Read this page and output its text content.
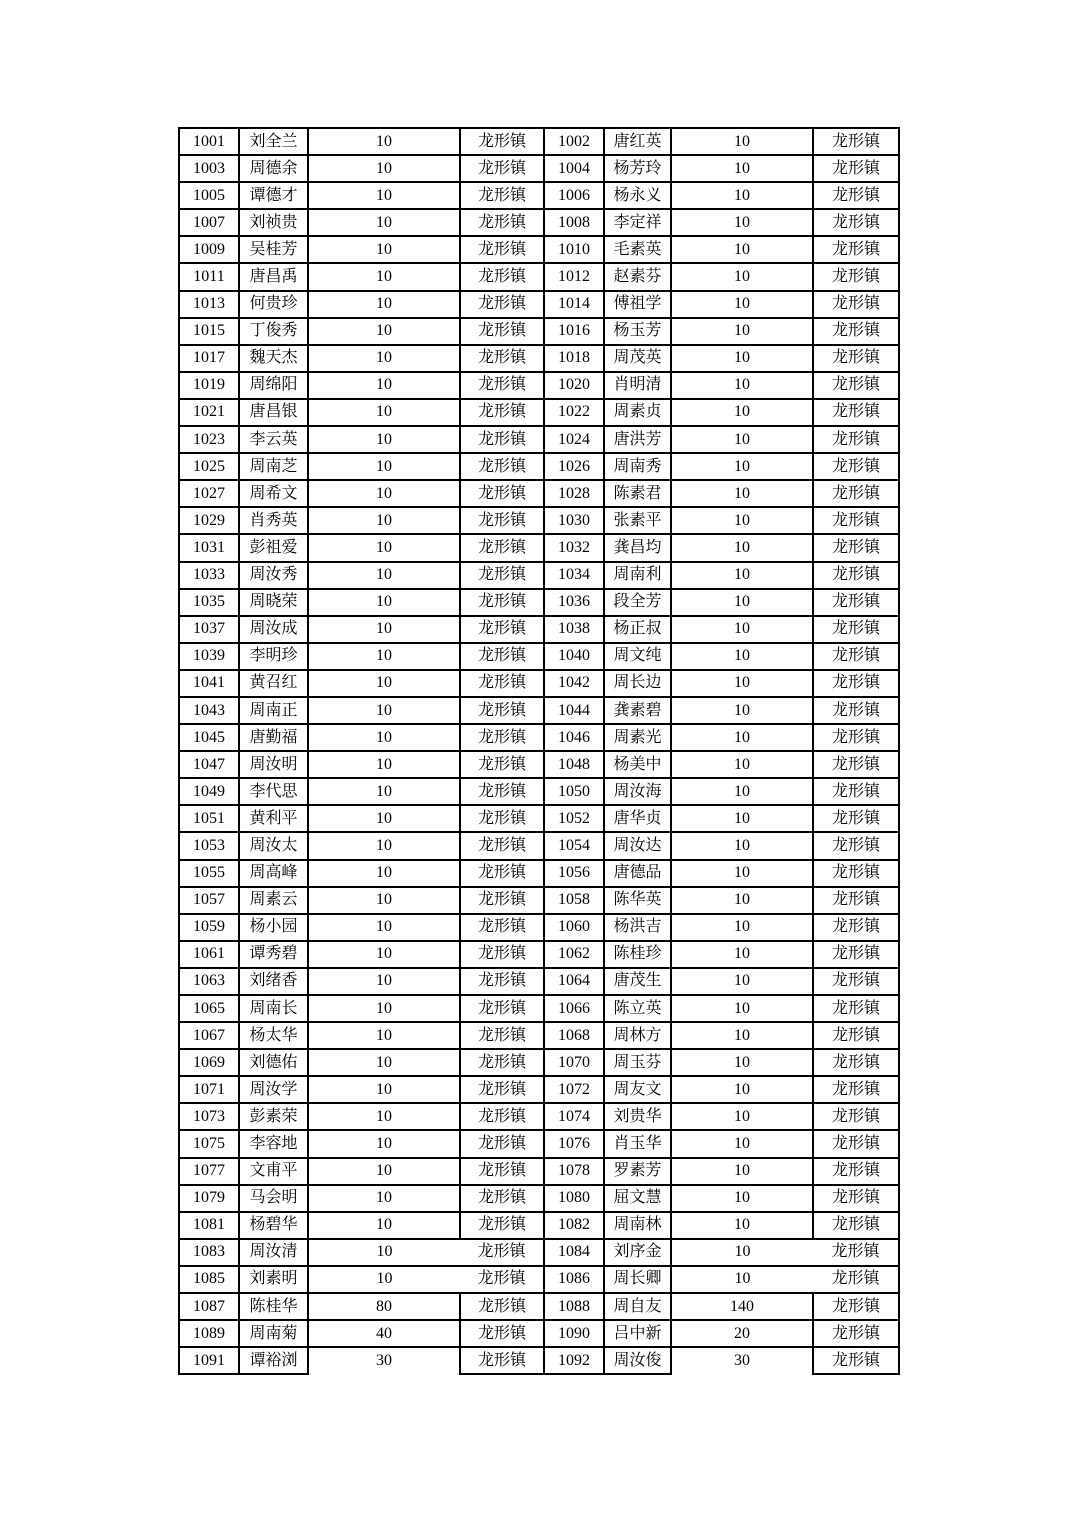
1001	刘全兰	10	龙形镇	1002	唐红英	10	龙形镇
1003	周德余	10	龙形镇	1004	杨芳玲	10	龙形镇
1005	谭德才	10	龙形镇	1006	杨永义	10	龙形镇
1007	刘祯贵	10	龙形镇	1008	李定祥	10	龙形镇
1009	吴桂芳	10	龙形镇	1010	毛素英	10	龙形镇
1011	唐昌禹	10	龙形镇	1012	赵素芬	10	龙形镇
1013	何贵珍	10	龙形镇	1014	傅祖学	10	龙形镇
1015	丁俊秀	10	龙形镇	1016	杨玉芳	10	龙形镇
1017	魏天杰	10	龙形镇	1018	周茂英	10	龙形镇
1019	周绵阳	10	龙形镇	1020	肖明清	10	龙形镇
1021	唐昌银	10	龙形镇	1022	周素贞	10	龙形镇
1023	李云英	10	龙形镇	1024	唐洪芳	10	龙形镇
1025	周南芝	10	龙形镇	1026	周南秀	10	龙形镇
1027	周希文	10	龙形镇	1028	陈素君	10	龙形镇
1029	肖秀英	10	龙形镇	1030	张素平	10	龙形镇
1031	彭祖爱	10	龙形镇	1032	龚昌均	10	龙形镇
1033	周汝秀	10	龙形镇	1034	周南利	10	龙形镇
1035	周晓荣	10	龙形镇	1036	段全芳	10	龙形镇
1037	周汝成	10	龙形镇	1038	杨正叔	10	龙形镇
1039	李明珍	10	龙形镇	1040	周文纯	10	龙形镇
1041	黄召红	10	龙形镇	1042	周长边	10	龙形镇
1043	周南正	10	龙形镇	1044	龚素碧	10	龙形镇
1045	唐勤福	10	龙形镇	1046	周素光	10	龙形镇
1047	周汝明	10	龙形镇	1048	杨美中	10	龙形镇
1049	李代思	10	龙形镇	1050	周汝海	10	龙形镇
1051	黄利平	10	龙形镇	1052	唐华贞	10	龙形镇
1053	周汝太	10	龙形镇	1054	周汝达	10	龙形镇
1055	周高峰	10	龙形镇	1056	唐德品	10	龙形镇
1057	周素云	10	龙形镇	1058	陈华英	10	龙形镇
1059	杨小园	10	龙形镇	1060	杨洪吉	10	龙形镇
1061	谭秀碧	10	龙形镇	1062	陈桂珍	10	龙形镇
1063	刘绪香	10	龙形镇	1064	唐茂生	10	龙形镇
1065	周南长	10	龙形镇	1066	陈立英	10	龙形镇
1067	杨太华	10	龙形镇	1068	周林方	10	龙形镇
1069	刘德佑	10	龙形镇	1070	周玉芬	10	龙形镇
1071	周汝学	10	龙形镇	1072	周友文	10	龙形镇
1073	彭素荣	10	龙形镇	1074	刘贵华	10	龙形镇
1075	李容地	10	龙形镇	1076	肖玉华	10	龙形镇
1077	文甫平	10	龙形镇	1078	罗素芳	10	龙形镇
1079	马会明	10	龙形镇	1080	屈文慧	10	龙形镇
1081	杨碧华	10	龙形镇	1082	周南林	10	龙形镇
1083	周汝清	10	龙形镇	1084	刘序金	10	龙形镇
1085	刘素明	10	龙形镇	1086	周长卿	10	龙形镇
1087	陈桂华	80	龙形镇	1088	周自友	140	龙形镇
1089	周南菊	40	龙形镇	1090	吕中新	20	龙形镇
1091	谭裕浏	30	龙形镇	1092	周汝俊	30	龙形镇
